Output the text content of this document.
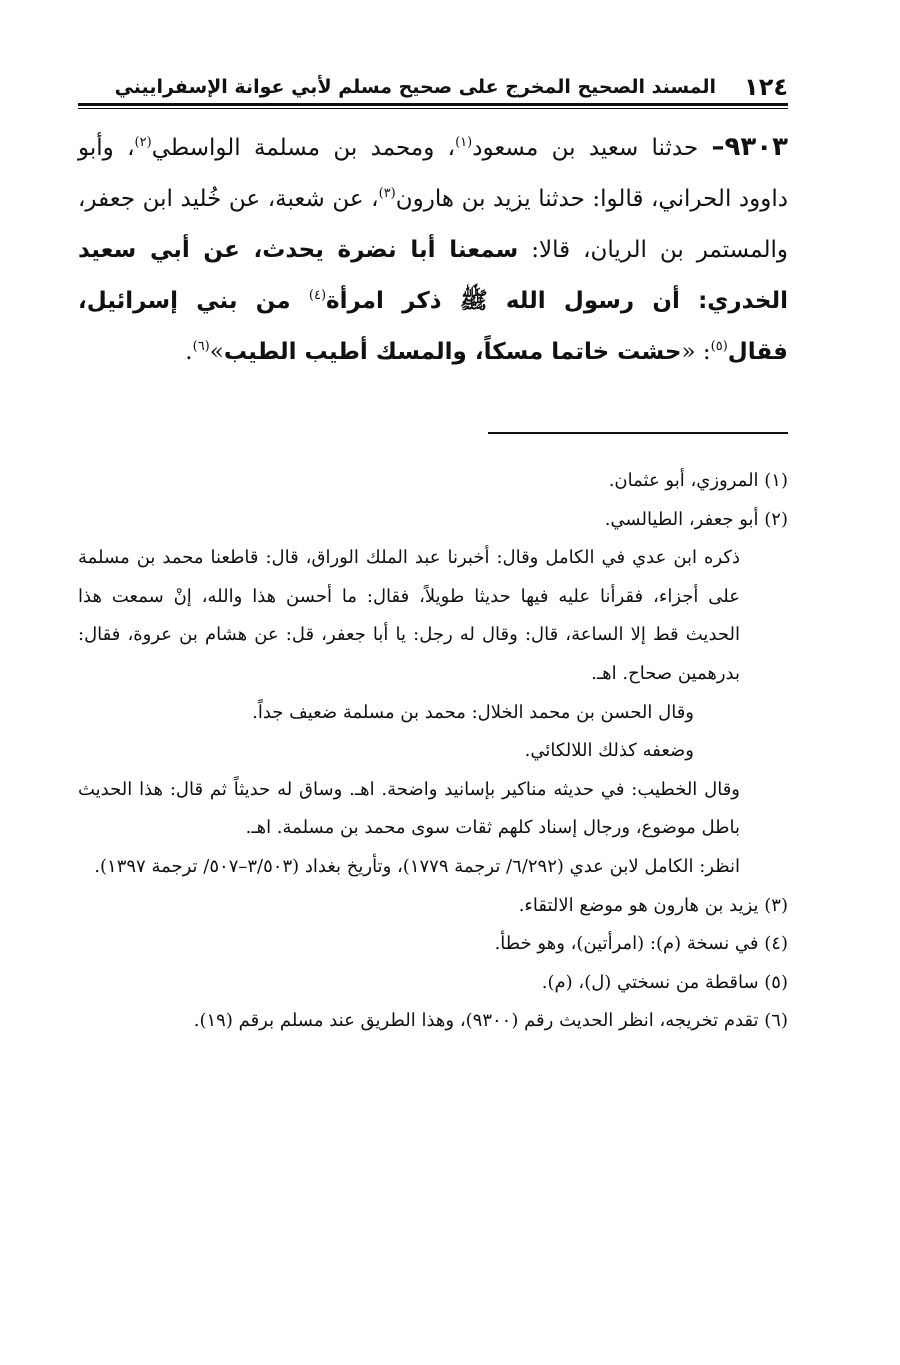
١٢٤
المسند الصحيح المخرج على صحيح مسلم لأبي عوانة الإسفراييني
٩٣٠٣– حدثنا سعيد بن مسعود$^{(١)}$، ومحمد بن مسلمة الواسطي$^{(٢)}$، وأبو داوود الحراني، قالوا: حدثنا يزيد بن هارون$^{(٣)}$، عن شعبة، عن خُليد ابن جعفر، والمستمر بن الريان، قالا: سمعنا أبا نضرة يحدث، عن أبي سعيد الخدري: أن رسول الله ﷺ ذكر امرأة$^{(٤)}$ من بني إسرائيل، فقال$^{(٥)}$: «حشت خاتما مسكاً، والمسك أطيب الطيب»$^{(٦)}$.

(١) المروزي، أبو عثمان.

(٢) أبو جعفر، الطيالسي.

ذكره ابن عدي في الكامل وقال: أخبرنا عبد الملك الوراق، قال: قاطعنا محمد بن مسلمة على أجزاء، فقرأنا عليه فيها حديثا طويلاً، فقال: ما أحسن هذا والله، إنْ سمعت هذا الحديث قط إلا الساعة، قال: وقال له رجل: يا أبا جعفر، قل: عن هشام بن عروة، فقال: بدرهمين صحاح. اهـ.

وقال الحسن بن محمد الخلال: محمد بن مسلمة ضعيف جداً.

وضعفه كذلك اللالكائي.

وقال الخطيب: في حديثه مناكير بإسانيد واضحة. اهـ. وساق له حديثاً ثم قال: هذا الحديث باطل موضوع، ورجال إسناد كلهم ثقات سوى محمد بن مسلمة. اهـ.

انظر: الكامل لابن عدي (٦/٢٩٢/ ترجمة ١٧٧٩)، وتأريخ بغداد (٣/٥٠٣–٥٠٧/ ترجمة ١٣٩٧).

(٣) يزيد بن هارون هو موضع الالتقاء.

(٤) في نسخة (م): (امرأتين)، وهو خطأ.

(٥) ساقطة من نسختي (ل)، (م).

(٦) تقدم تخريجه، انظر الحديث رقم (٩٣٠٠)، وهذا الطريق عند مسلم برقم (١٩).
